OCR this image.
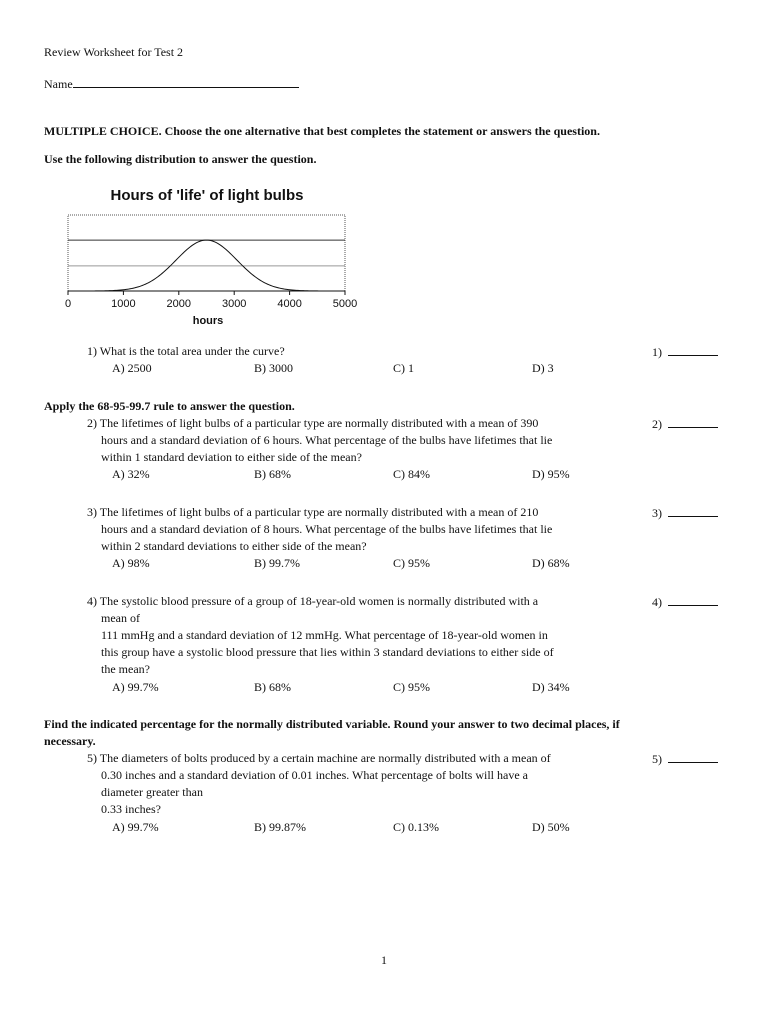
Review Worksheet for Test 2
Name
MULTIPLE CHOICE. Choose the one alternative that best completes the statement or answers the question.
Use the following distribution to answer the question.
Hours of 'life' of light bulbs
0	1000	2000	3000	4000	5000
hours

1) What is the total area under the curve?	1)
A) 2500	B) 3000	C) 1	D) 3
Apply the 68-95-99.7 rule to answer the question.

2) The lifetimes of light bulbs of a particular type are normally distributed with a mean of 390

hours and a standard deviation of 6 hours. What percentage of the bulbs have lifetimes that lie

within 1 standard deviation to either side of the mean?

2)
A) 32%	B) 68%	C) 84%	D) 95%

3) The lifetimes of light bulbs of a particular type are normally distributed with a mean of 210

hours and a standard deviation of 8 hours. What percentage of the bulbs have lifetimes that lie

within 2 standard deviations to either side of the mean?

3)
A) 98%	B) 99.7%	C) 95%	D) 68%

4) The systolic blood pressure of a group of 18-year-old women is normally distributed with a

mean of

111 mmHg and a standard deviation of 12 mmHg. What percentage of 18-year-old women in

this group have a systolic blood pressure that lies within 3 standard deviations to either side of

the mean?

4)
A) 99.7%	B) 68%	C) 95%	D) 34%
Find the indicated percentage for the normally distributed variable. Round your answer to two decimal places, if
necessary.

5) The diameters of bolts produced by a certain machine are normally distributed with a mean of

0.30 inches and a standard deviation of 0.01 inches. What percentage of bolts will have a

diameter greater than

0.33 inches?

5)
A) 99.7%	B) 99.87%	C) 0.13%	D) 50%
1
